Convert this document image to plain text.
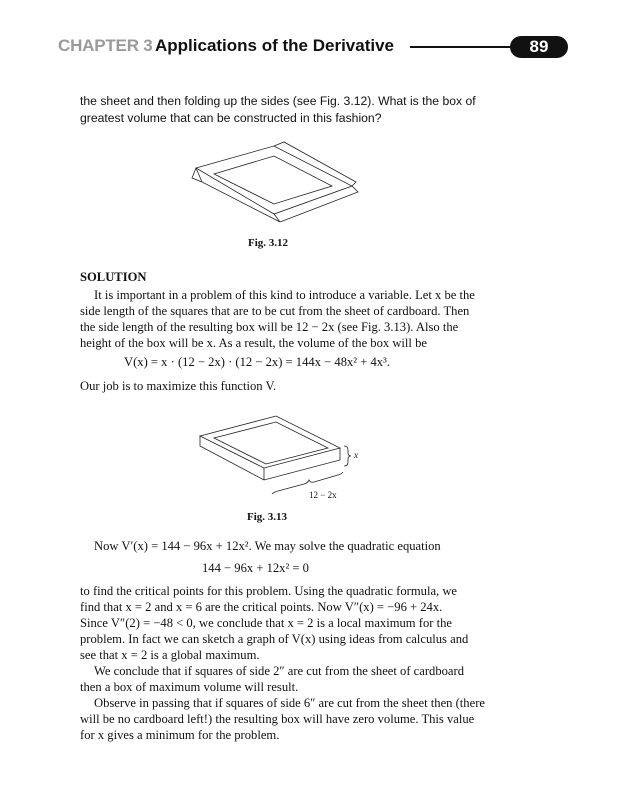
CHAPTER 3 Applications of the Derivative	89
the sheet and then folding up the sides (see Fig. 3.12). What is the box of
greatest volume that can be constructed in this fashion?
Fig. 3.12
SOLUTION
It is important in a problem of this kind to introduce a variable. Let x be the
side length of the squares that are to be cut from the sheet of cardboard. Then
the side length of the resulting box will be 12 − 2x (see Fig. 3.13). Also the
height of the box will be x. As a result, the volume of the box will be
V(x) = x · (12 − 2x) · (12 − 2x) = 144x − 48x² + 4x³.
Our job is to maximize this function V.
x
12 − 2x
Fig. 3.13
Now V′(x) = 144 − 96x + 12x². We may solve the quadratic equation
144 − 96x + 12x² = 0
to find the critical points for this problem. Using the quadratic formula, we
find that x = 2 and x = 6 are the critical points. Now V″(x) = −96 + 24x.
Since V″(2) = −48 < 0, we conclude that x = 2 is a local maximum for the
problem. In fact we can sketch a graph of V(x) using ideas from calculus and
see that x = 2 is a global maximum.
We conclude that if squares of side 2″ are cut from the sheet of cardboard
then a box of maximum volume will result.
Observe in passing that if squares of side 6″ are cut from the sheet then (there
will be no cardboard left!) the resulting box will have zero volume. This value
for x gives a minimum for the problem.
